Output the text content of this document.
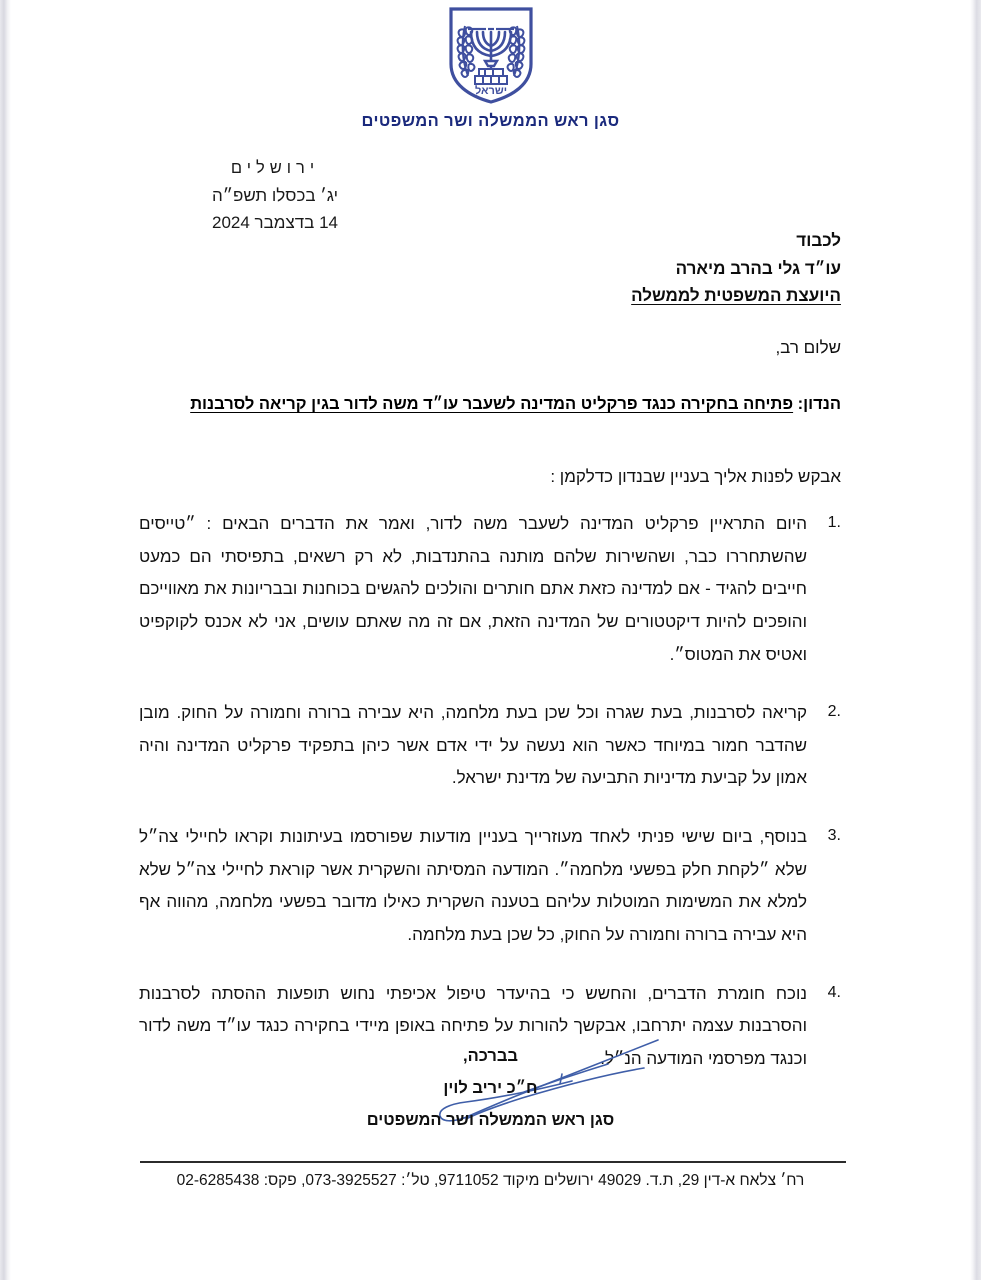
ישראל
סגן ראש הממשלה ושר המשפטים
ירושלים
יג׳ בכסלו תשפ״ה
14 בדצמבר 2024
לכבוד
עו״ד גלי בהרב מיארה
היועצת המשפטית לממשלה
שלום רב,
הנדון: פתיחה בחקירה כנגד פרקליט המדינה לשעבר עו״ד משה לדור בגין קריאה לסרבנות
אבקש לפנות אליך בעניין שבנדון כדלקמן :
1.
היום התראיין פרקליט המדינה לשעבר משה לדור, ואמר את הדברים הבאים : ״טייסים שהשתחררו כבר, ושהשירות שלהם מותנה בהתנדבות, לא רק רשאים, בתפיסתי הם כמעט חייבים להגיד - אם למדינה כזאת אתם חותרים והולכים להגשים בכוחנות ובבריונות את מאווייכם והופכים להיות דיקטטורים של המדינה הזאת, אם זה מה שאתם עושים, אני לא אכנס לקוקפיט ואטיס את המטוס״.
2.
קריאה לסרבנות, בעת שגרה וכל שכן בעת מלחמה, היא עבירה ברורה וחמורה על החוק. מובן שהדבר חמור במיוחד כאשר הוא נעשה על ידי אדם אשר כיהן בתפקיד פרקליט המדינה והיה אמון על קביעת מדיניות התביעה של מדינת ישראל.
3.
בנוסף, ביום שישי פניתי לאחד מעוזרייך בעניין מודעות שפורסמו בעיתונות וקראו לחיילי צה״ל שלא ״לקחת חלק בפשעי מלחמה״. המודעה המסיתה והשקרית אשר קוראת לחיילי צה״ל שלא למלא את המשימות המוטלות עליהם בטענה השקרית כאילו מדובר בפשעי מלחמה, מהווה אף היא עבירה ברורה וחמורה על החוק, כל שכן בעת מלחמה.
4.
נוכח חומרת הדברים, והחשש כי בהיעדר טיפול אכיפתי נחוש תופעות ההסתה לסרבנות והסרבנות עצמה יתרחבו, אבקשך להורות על פתיחה באופן מיידי בחקירה כנגד עו״ד משה לדור וכנגד מפרסמי המודעה הנ״ל.
בברכה,
ח״כ יריב לוין
סגן ראש הממשלה ושר המשפטים
רח׳ צלאח א-דין 29, ת.ד. 49029 ירושלים מיקוד 9711052, טל׳: 073-3925527, פקס: 02-6285438
